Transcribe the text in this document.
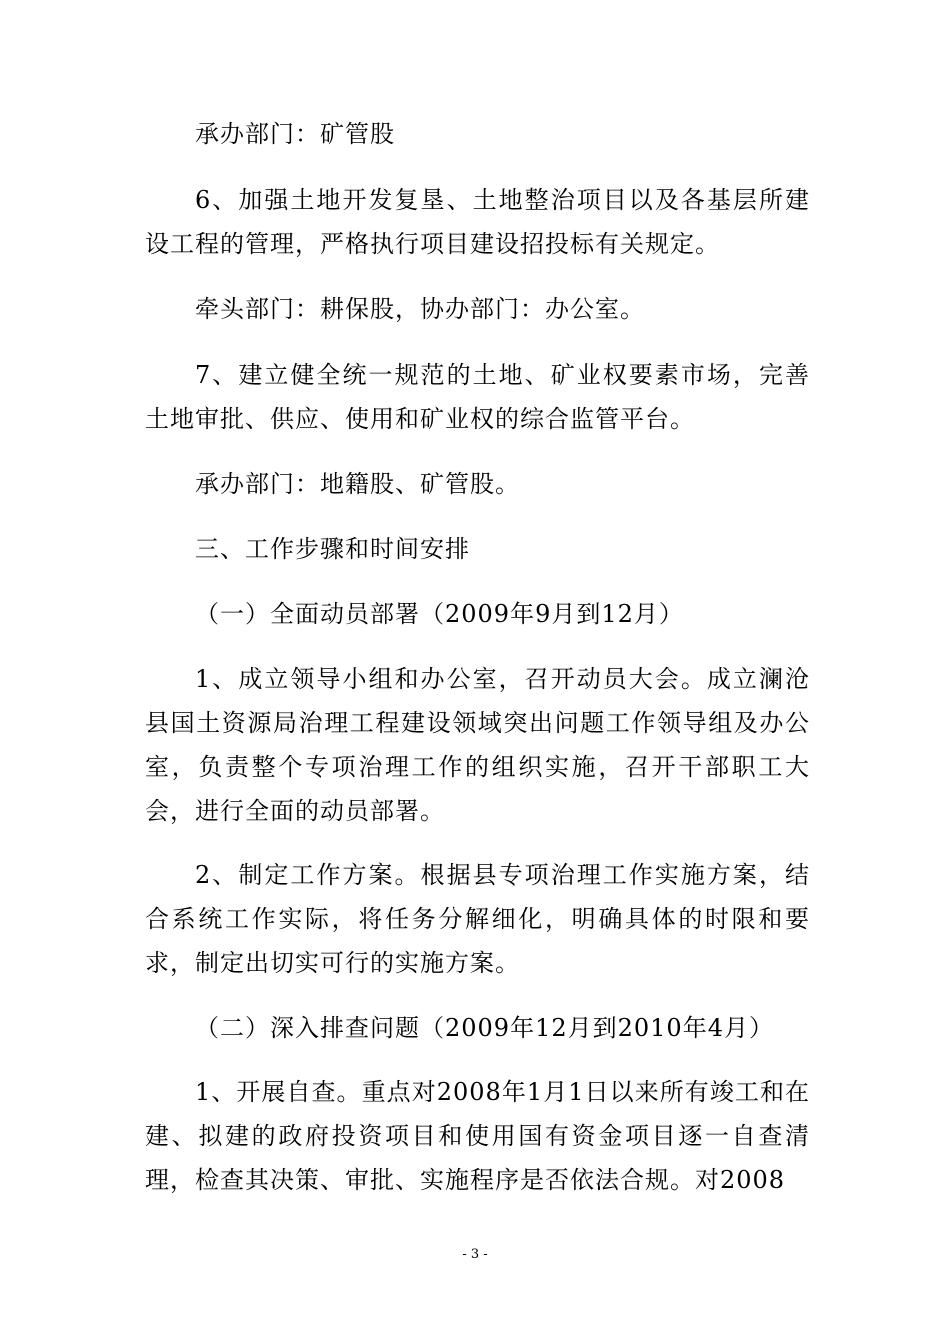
承办部门：矿管股

6、加强土地开发复垦、土地整治项目以及各基层所建设工程的管理，严格执行项目建设招投标有关规定。

牵头部门：耕保股，协办部门：办公室。

7、建立健全统一规范的土地、矿业权要素市场，完善土地审批、供应、使用和矿业权的综合监管平台。

承办部门：地籍股、矿管股。

三、工作步骤和时间安排

（一）全面动员部署（2009年9月到12月）

1、成立领导小组和办公室，召开动员大会。成立澜沧县国土资源局治理工程建设领域突出问题工作领导组及办公室，负责整个专项治理工作的组织实施，召开干部职工大会，进行全面的动员部署。

2、制定工作方案。根据县专项治理工作实施方案，结合系统工作实际，将任务分解细化，明确具体的时限和要求，制定出切实可行的实施方案。

（二）深入排查问题（2009年12月到2010年4月）

1、开展自查。重点对2008年1月1日以来所有竣工和在建、拟建的政府投资项目和使用国有资金项目逐一自查清理，检查其决策、审批、实施程序是否依法合规。对2008

- 3 -
